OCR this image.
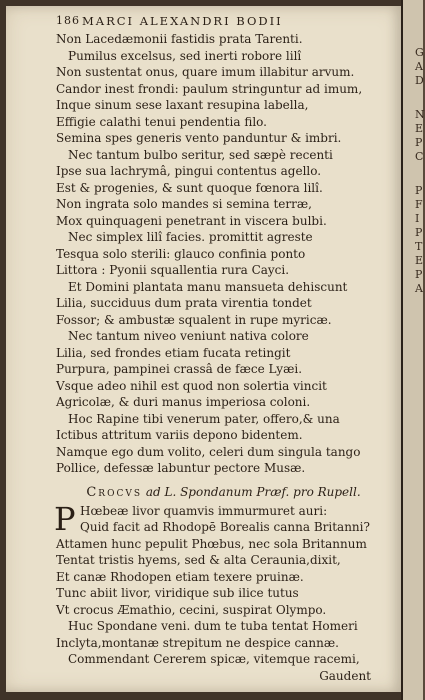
186 MARCI ALEXANDRI BODII
Non Lacedæmonii fastidis prata Tarenti.
Pumilus excelsus, sed inerti robore lilî
Non sustentat onus, quare imum illabitur arvum.
Candor inest frondi: paulum stringuntur ad imum,
Inque sinum sese laxant resupina labella,
Effigie calathi tenui pendentia filo.
Semina spes generis vento panduntur & imbri.
Nec tantum bulbo seritur, sed sæpè recenti
Ipse sua lachrymâ, pingui contentus agello.
Est & progenies, & sunt quoque fœnora lilî.
Non ingrata solo mandes si semina terræ,
Mox quinquageni penetrant in viscera bulbi.
Nec simplex lilî facies. promittit agreste
Tesqua solo sterili: glauco confinia ponto
Littora : Pyonii squallentia rura Cayci.
Et Domini plantata manu mansueta dehiscunt
Lilia, succiduus dum prata virentia tondet
Fossor; & ambustæ squalent in rupe myricæ.
Nec tantum niveo veniunt nativa colore
Lilia, sed frondes etiam fucata retingit
Purpura, pampinei crassâ de fæce Lyæi.
Vsque adeo nihil est quod non solertia vincit
Agricolæ, & duri manus imperiosa coloni.
Hoc Rapine tibi venerum pater, offero,& una
Ictibus attritum variis depono bidentem.
Namque ego dum volito, celeri dum singula tango
Pollice, defessæ labuntur pectore Musæ.
Crocvs ad L. Spondanum Præf. pro Rupell.
P Hœbeæ livor quamvis immurmuret auri:
Quid facit ad Rhodopē Borealis canna Britanni?
Attamen hunc pepulit Phœbus, nec sola Britannum
Tentat tristis hyems, sed & alta Ceraunia,dixit,
Et canæ Rhodopen etiam texere pruinæ.
Tunc abiit livor, viridique sub ilice tutus
Vt crocus Æmathio, cecini, suspirat Olympo.
Huc Spondane veni. dum te tuba tentat Homeri
Inclyta,montanæ strepitum ne despice cannæ.
Commendant Cererem spicæ, vitemque racemi,
Gaudent
G
A
D
N
E
P
C
P
F
I
P
T
E
P
A
